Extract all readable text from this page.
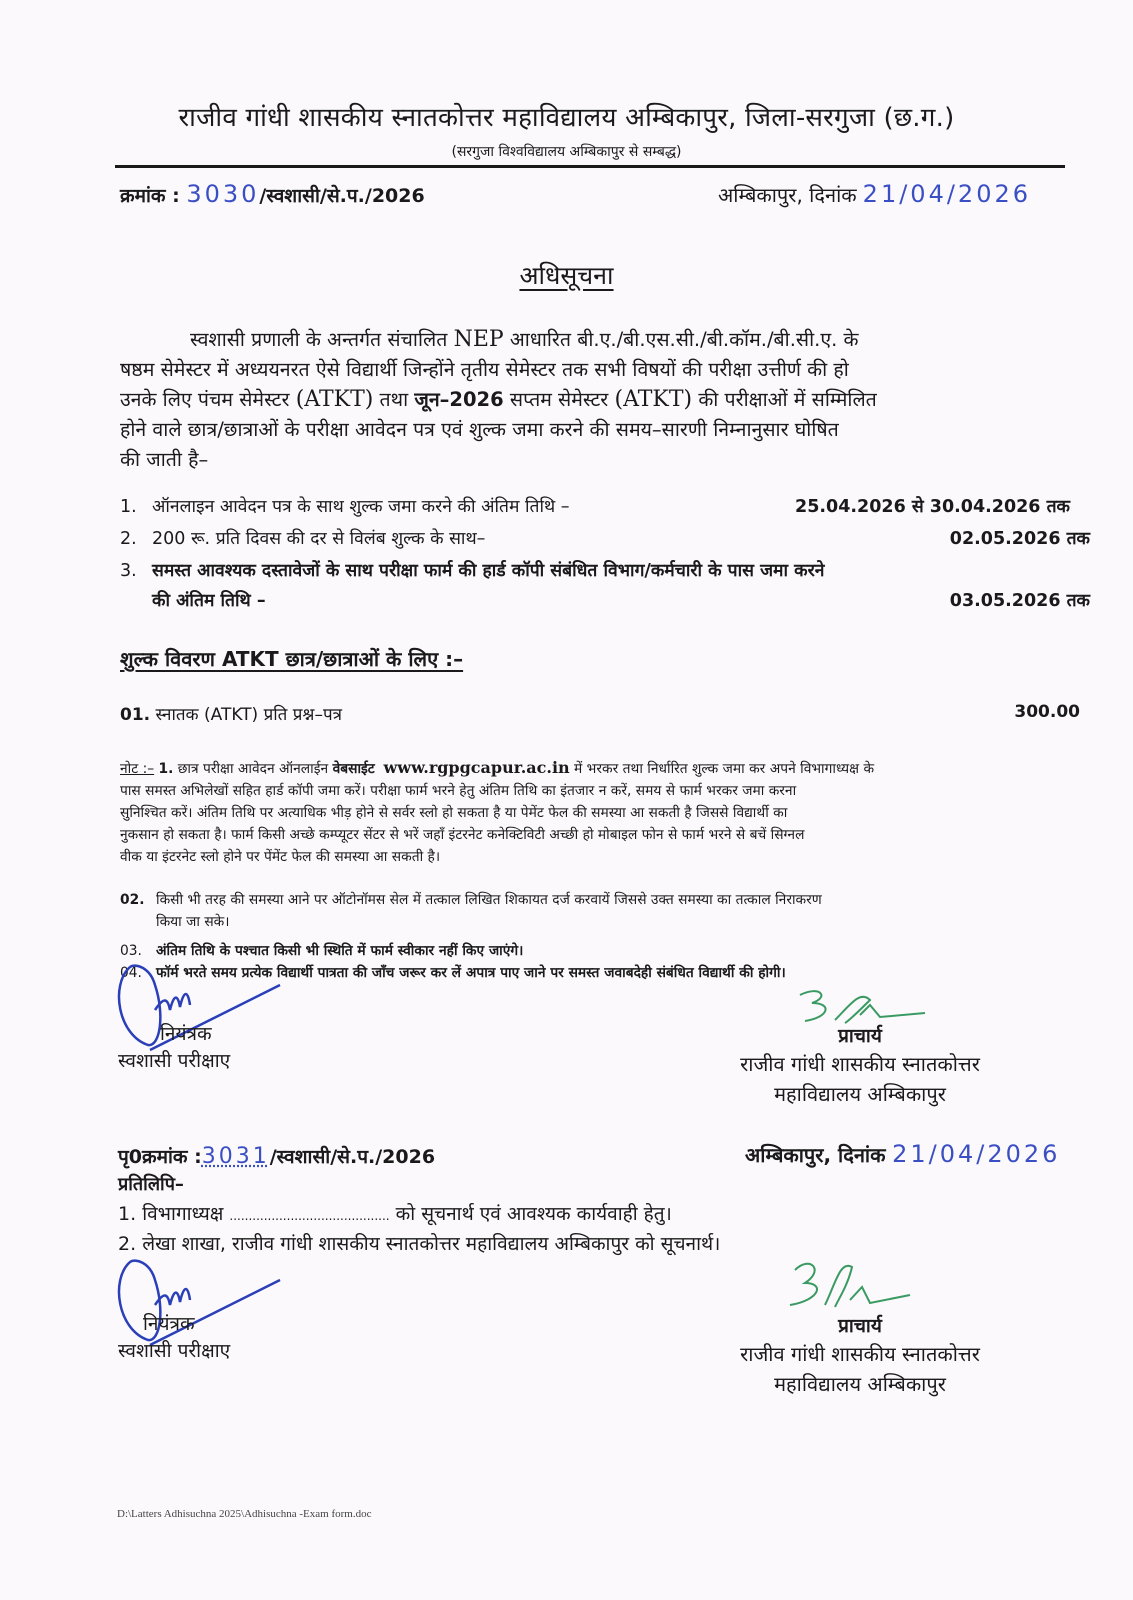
राजीव गांधी शासकीय स्नातकोत्तर महाविद्यालय अम्बिकापुर, जिला-सरगुजा (छ.ग.)
(सरगुजा विश्वविद्यालय अम्बिकापुर से सम्बद्ध)
क्रमांक : 3030/स्वशासी/से.प./2026	अम्बिकापुर, दिनांक 21/04/2026
अधिसूचना
स्वशासी प्रणाली के अन्तर्गत संचालित NEP आधारित बी.ए./बी.एस.सी./बी.कॉम./बी.सी.ए. के
षष्ठम सेमेस्टर में अध्ययनरत ऐसे विद्यार्थी जिन्होंने तृतीय सेमेस्टर तक सभी विषयों की परीक्षा उत्तीर्ण की हो
उनके लिए पंचम सेमेस्टर (ATKT) तथा जून–2026 सप्तम सेमेस्टर (ATKT) की परीक्षाओं में सम्मिलित
होने वाले छात्र/छात्राओं के परीक्षा आवेदन पत्र एवं शुल्क जमा करने की समय–सारणी निम्नानुसार घोषित
की जाती है–
1. ऑनलाइन आवेदन पत्र के साथ शुल्क जमा करने की अंतिम तिथि –	25.04.2026 से 30.04.2026 तक
2. 200 रू. प्रति दिवस की दर से विलंब शुल्क के साथ–	02.05.2026 तक
3. समस्त आवश्यक दस्तावेजों के साथ परीक्षा फार्म की हार्ड कॉपी संबंधित विभाग/कर्मचारी के पास जमा करने
की अंतिम तिथि –	03.05.2026 तक
शुल्क विवरण ATKT छात्र/छात्राओं के लिए :–
01. स्नातक (ATKT) प्रति प्रश्न–पत्र	300.00
नोट :– 1. छात्र परीक्षा आवेदन ऑनलाईन वेबसाईट www.rgpgcapur.ac.in में भरकर तथा निर्धारित शुल्क जमा कर अपने विभागाध्यक्ष के
पास समस्त अभिलेखों सहित हार्ड कॉपी जमा करें। परीक्षा फार्म भरने हेतु अंतिम तिथि का इंतजार न करें, समय से फार्म भरकर जमा करना
सुनिश्चित करें। अंतिम तिथि पर अत्याधिक भीड़ होने से सर्वर स्लो हो सकता है या पेमेंट फेल की समस्या आ सकती है जिससे विद्यार्थी का
नुकसान हो सकता है। फार्म किसी अच्छे कम्प्यूटर सेंटर से भरें जहाँ इंटरनेट कनेक्टिविटी अच्छी हो मोबाइल फोन से फार्म भरने से बचें सिग्नल
वीक या इंटरनेट स्लो होने पर पेंमेंट फेल की समस्या आ सकती है।
02. किसी भी तरह की समस्या आने पर ऑटोनॉमस सेल में तत्काल लिखित शिकायत दर्ज करवायें जिससे उक्त समस्या का तत्काल निराकरण
किया जा सके।
03. अंतिम तिथि के पश्चात किसी भी स्थिति में फार्म स्वीकार नहीं किए जाएंगे।
04. फॉर्म भरते समय प्रत्येक विद्यार्थी पात्रता की जॉंच जरूर कर लें अपात्र पाए जाने पर समस्त जवाबदेही संबंधित विद्यार्थी की होगी।
नियंत्रक
स्वशासी परीक्षाए
प्राचार्य
राजीव गांधी शासकीय स्नातकोत्तर
महाविद्यालय अम्बिकापुर
पृ0क्रमांक :3031/स्वशासी/से.प./2026	अम्बिकापुर, दिनांक 21/04/2026
प्रतिलिपि–
1. विभागाध्यक्ष .......................................... को सूचनार्थ एवं आवश्यक कार्यवाही हेतु।
2. लेखा शाखा, राजीव गांधी शासकीय स्नातकोत्तर महाविद्यालय अम्बिकापुर को सूचनार्थ।
नियंत्रक
स्वशासी परीक्षाए
प्राचार्य
राजीव गांधी शासकीय स्नातकोत्तर
महाविद्यालय अम्बिकापुर
D:\Latters Adhisuchna 2025\Adhisuchna -Exam form.doc
